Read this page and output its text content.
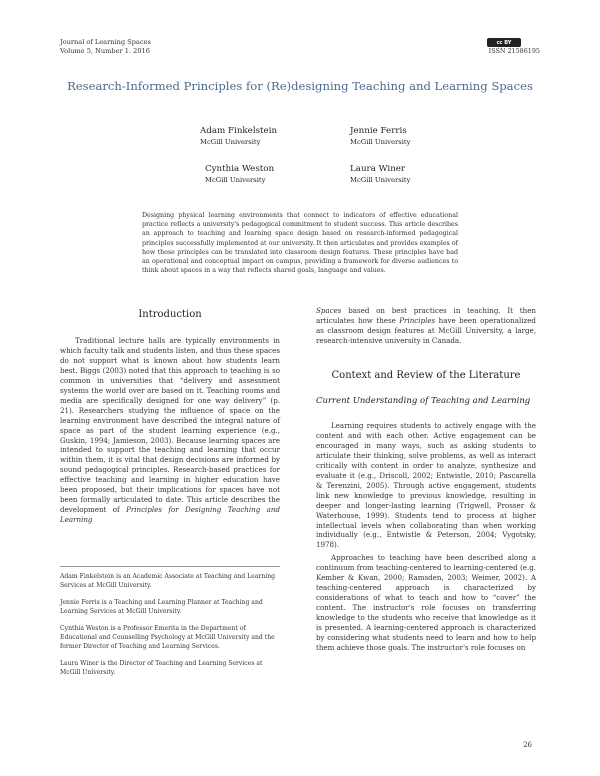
Journal of Learning Spaces
Volume 5, Number 1. 2016
cc BY
ISSN 21586195
Research-Informed Principles for (Re)designing Teaching and Learning Spaces
Adam Finkelstein
McGill University
Jennie Ferris
McGill University
Cynthia Weston
McGill University
Laura Winer
McGill University
Designing physical learning environments that connect to indicators of effective educational practice reflects a university's pedagogical commitment to student success. This article describes an approach to teaching and learning space design based on research-informed pedagogical principles successfully implemented at our university. It then articulates and provides examples of how those principles can be translated into classroom design features. These principles have had an operational and conceptual impact on campus, providing a framework for diverse audiences to think about spaces in a way that reflects shared goals, language and values.
Introduction

Traditional lecture halls are typically environments in which faculty talk and students listen, and thus these spaces do not support what is known about how students learn best. Biggs (2003) noted that this approach to teaching is so common in universities that “delivery and assessment systems the world over are based on it. Teaching rooms and media are specifically designed for one way delivery” (p. 21). Researchers studying the influence of space on the learning environment have described the integral nature of space as part of the student learning experience (e.g., Guskin, 1994; Jamieson, 2003). Because learning spaces are intended to support the teaching and learning that occur within them, it is vital that design decisions are informed by sound pedagogical principles. Research-based practices for effective teaching and learning in higher education have been proposed, but their implications for spaces have not been formally articulated to date. This article describes the development of Principles for Designing Teaching and Learning

Adam Finkelstein is an Academic Associate at Teaching and Learning Services at McGill University.

Jennie Ferris is a Teaching and Learning Planner at Teaching and Learning Services at McGill University.

Cynthia Weston is a Professor Emerita in the Department of Educational and Counselling Psychology at McGill University and the former Director of Teaching and Learning Services.

Laura Winer is the Director of Teaching and Learning Services at McGill University.

Spaces based on best practices in teaching. It then articulates how these Principles have been operationalized as classroom design features at McGill University, a large, research-intensive university in Canada.

Context and Review of the Literature
Current Understanding of Teaching and Learning

Learning requires students to actively engage with the content and with each other. Active engagement can be encouraged in many ways, such as asking students to articulate their thinking, solve problems, as well as interact critically with content in order to analyze, synthesize and evaluate it (e.g., Driscoll, 2002; Entwistle, 2010; Pascarella & Terenzini, 2005). Through active engagement, students link new knowledge to previous knowledge, resulting in deeper and longer-lasting learning (Trigwell, Prosser & Waterhouse, 1999). Students tend to process at higher intellectual levels when collaborating than when working individually (e.g., Entwistle & Peterson, 2004; Vygotsky, 1978).

Approaches to teaching have been described along a continuum from teaching-centered to learning-centered (e.g. Kember & Kwan, 2000; Ramsden, 2003; Weimer, 2002). A teaching-centered approach is characterized by considerations of what to teach and how to “cover” the content. The instructor's role focuses on transferring knowledge to the students who receive that knowledge as it is presented. A learning-centered approach is characterized by considering what students need to learn and how to help them achieve those goals. The instructor's role focuses on

26
